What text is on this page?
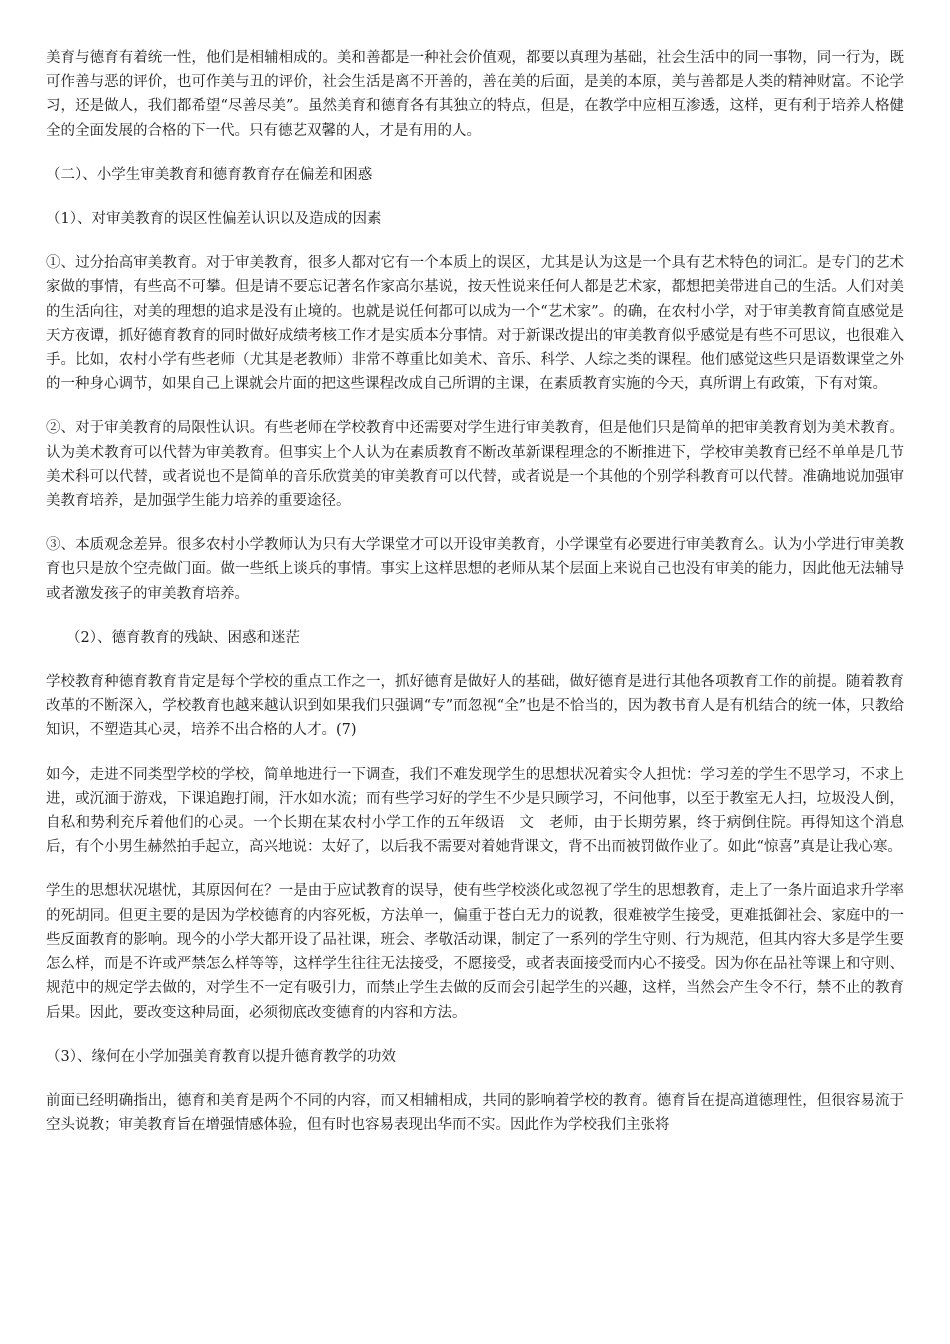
美育与德育有着统一性，他们是相辅相成的。美和善都是一种社会价值观，都要以真理为基础，社会生活中的同一事物，同一行为，既可作善与恶的评价，也可作美与丑的评价，社会生活是离不开善的，善在美的后面，是美的本原，美与善都是人类的精神财富。不论学习，还是做人，我们都希望“尽善尽美”。虽然美育和德育各有其独立的特点，但是，在教学中应相互渗透，这样，更有利于培养人格健全的全面发展的合格的下一代。只有德艺双馨的人，才是有用的人。

（二）、小学生审美教育和德育教育存在偏差和困惑
（1）、对审美教育的误区性偏差认识以及造成的因素

①、过分抬高审美教育。对于审美教育，很多人都对它有一个本质上的误区，尤其是认为这是一个具有艺术特色的词汇。是专门的艺术家做的事情，有些高不可攀。但是请不要忘记著名作家高尔基说，按天性说来任何人都是艺术家，都想把美带进自己的生活。人们对美的生活向往，对美的理想的追求是没有止境的。也就是说任何都可以成为一个“艺术家”。的确，在农村小学，对于审美教育简直感觉是天方夜谭，抓好德育教育的同时做好成绩考核工作才是实质本分事情。对于新课改提出的审美教育似乎感觉是有些不可思议，也很难入手。比如，农村小学有些老师（尤其是老教师）非常不尊重比如美术、音乐、科学、人综之类的课程。他们感觉这些只是语数课堂之外的一种身心调节，如果自己上课就会片面的把这些课程改成自己所谓的主课，在素质教育实施的今天，真所谓上有政策，下有对策。

②、对于审美教育的局限性认识。有些老师在学校教育中还需要对学生进行审美教育，但是他们只是简单的把审美教育划为美术教育。认为美术教育可以代替为审美教育。但事实上个人认为在素质教育不断改革新课程理念的不断推进下，学校审美教育已经不单单是几节美术科可以代替，或者说也不是简单的音乐欣赏美的审美教育可以代替，或者说是一个其他的个别学科教育可以代替。准确地说加强审美教育培养，是加强学生能力培养的重要途径。

③、本质观念差异。很多农村小学教师认为只有大学课堂才可以开设审美教育，小学课堂有必要进行审美教育么。认为小学进行审美教育也只是放个空壳做门面。做一些纸上谈兵的事情。事实上这样思想的老师从某个层面上来说自己也没有审美的能力，因此他无法辅导或者激发孩子的审美教育培养。

（2）、德育教育的残缺、困惑和迷茫

学校教育种德育教育肯定是每个学校的重点工作之一，抓好德育是做好人的基础，做好德育是进行其他各项教育工作的前提。随着教育改革的不断深入，学校教育也越来越认识到如果我们只强调“专”而忽视“全”也是不恰当的，因为教书育人是有机结合的统一体，只教给知识，不塑造其心灵，培养不出合格的人才。(7)

如今，走进不同类型学校的学校，简单地进行一下调查，我们不难发现学生的思想状况着实令人担忧：学习差的学生不思学习，不求上进，或沉湎于游戏，下课追跑打闹，汗水如水流；而有些学习好的学生不少是只顾学习，不问他事，以至于教室无人扫，垃圾没人倒，自私和势利充斥着他们的心灵。一个长期在某农村小学工作的五年级语　文　老师，由于长期劳累，终于病倒住院。再得知这个消息后，有个小男生赫然拍手起立，高兴地说：太好了，以后我不需要对着她背课文，背不出而被罚做作业了。如此“惊喜”真是让我心寒。

学生的思想状况堪忧，其原因何在？一是由于应试教育的误导，使有些学校淡化或忽视了学生的思想教育，走上了一条片面追求升学率的死胡同。但更主要的是因为学校德育的内容死板，方法单一，偏重于苍白无力的说教，很难被学生接受，更难抵御社会、家庭中的一些反面教育的影响。现今的小学大都开设了品社课，班会、孝敬活动课，制定了一系列的学生守则、行为规范，但其内容大多是学生要怎么样，而是不许或严禁怎么样等等，这样学生往往无法接受，不愿接受，或者表面接受而内心不接受。因为你在品社等课上和守则、规范中的规定学去做的，对学生不一定有吸引力，而禁止学生去做的反而会引起学生的兴趣，这样，当然会产生令不行，禁不止的教育后果。因此，要改变这种局面，必须彻底改变德育的内容和方法。

（3）、缘何在小学加强美育教育以提升德育教学的功效

前面已经明确指出，德育和美育是两个不同的内容，而又相辅相成，共同的影响着学校的教育。德育旨在提高道德理性，但很容易流于空头说教；审美教育旨在增强情感体验，但有时也容易表现出华而不实。因此作为学校我们主张将
